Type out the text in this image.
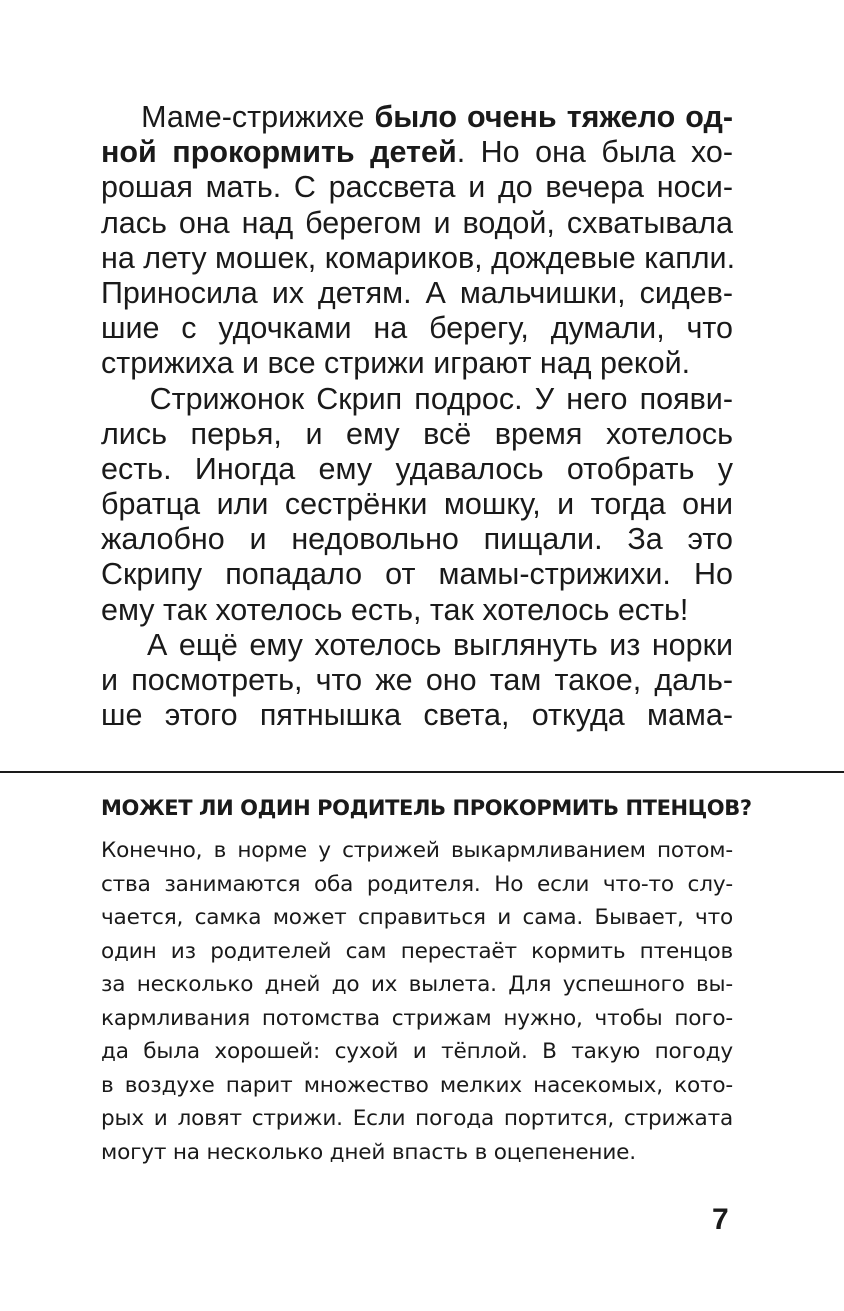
Маме-стрижихе было очень тяжело од-
ной прокормить детей. Но она была хо-
рошая мать. С рассвета и до вечера носи-
лась она над берегом и водой, схватывала
на лету мошек, комариков, дождевые капли.
Приносила их детям. А мальчишки, сидев-
шие с удочками на берегу, думали, что
стрижиха и все стрижи играют над рекой.
Стрижонок Скрип подрос. У него появи-
лись перья, и ему всё время хотелось
есть. Иногда ему удавалось отобрать у
братца или сестрёнки мошку, и тогда они
жалобно и недовольно пищали. За это
Скрипу попадало от мамы-стрижихи. Но
ему так хотелось есть, так хотелось есть!
А ещё ему хотелось выглянуть из норки
и посмотреть, что же оно там такое, даль-
ше этого пятнышка света, откуда мама-
МОЖЕТ ЛИ ОДИН РОДИТЕЛЬ ПРОКОРМИТЬ ПТЕНЦОВ?
Конечно, в норме у стрижей выкармливанием потом-
ства занимаются оба родителя. Но если что-то слу-
чается, самка может справиться и сама. Бывает, что
один из родителей сам перестаёт кормить птенцов
за несколько дней до их вылета. Для успешного вы-
кармливания потомства стрижам нужно, чтобы пого-
да была хорошей: сухой и тёплой. В такую погоду
в воздухе парит множество мелких насекомых, кото-
рых и ловят стрижи. Если погода портится, стрижата
могут на несколько дней впасть в оцепенение.
7
